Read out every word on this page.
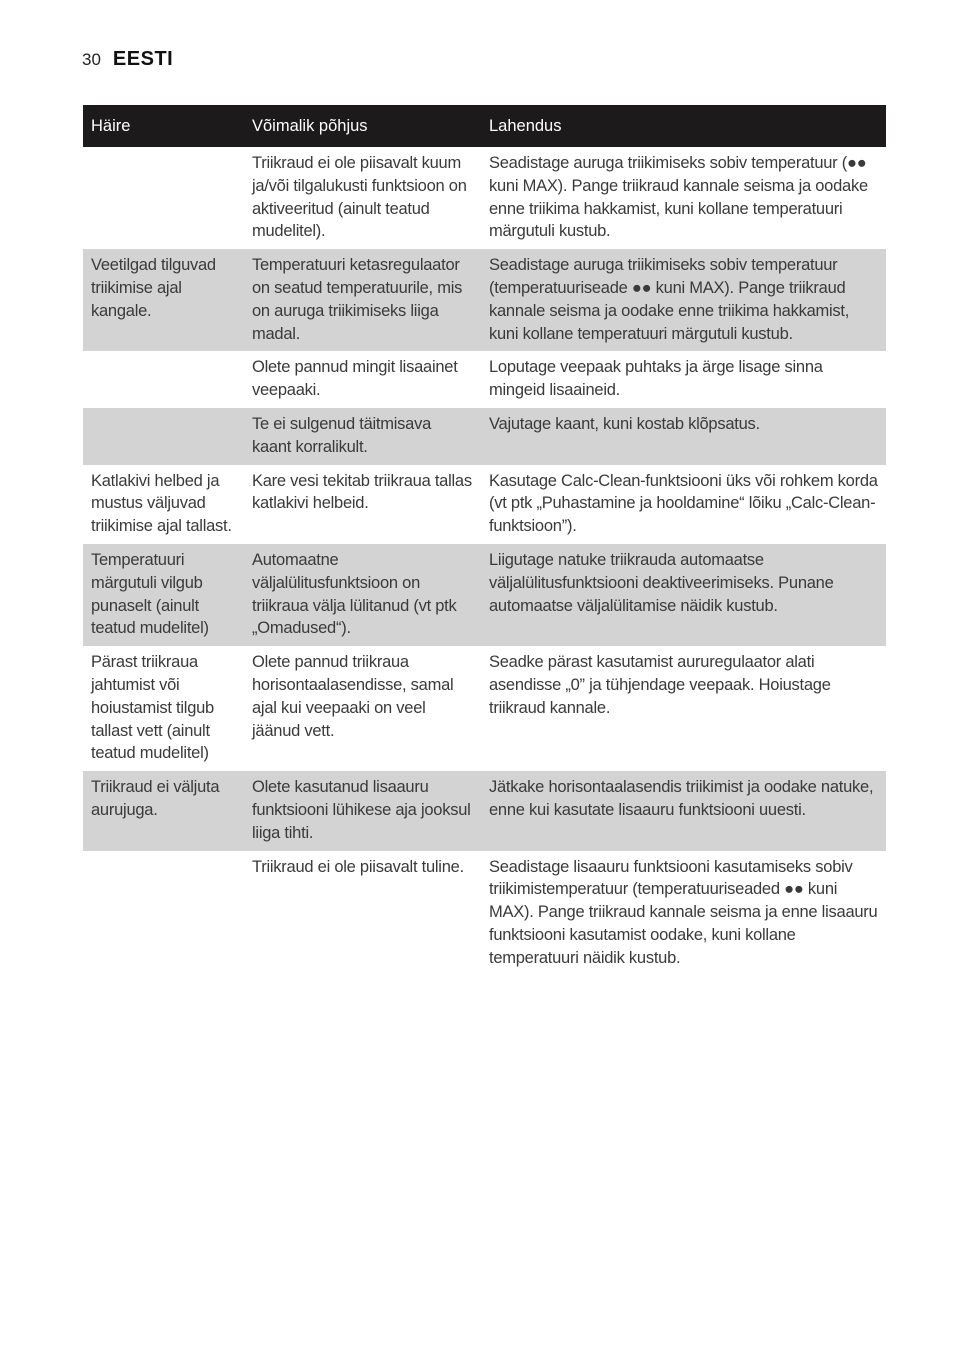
30 EESTI
Häire	Võimalik põhjus	Lahendus
	Triikraud ei ole piisavalt kuum ja/või tilgalukusti funktsioon on aktiveeritud (ainult teatud mudelitel).	Seadistage auruga triikimiseks sobiv temperatuur (●● kuni MAX). Pange triikraud kannale seisma ja oodake enne triikima hakkamist, kuni kollane temperatuuri märgutuli kustub.
Veetilgad tilguvad triikimise ajal kangale.	Temperatuuri ketasregulaator on seatud temperatuurile, mis on auruga triikimiseks liiga madal.	Seadistage auruga triikimiseks sobiv temperatuur (temperatuuriseade ●● kuni MAX). Pange triikraud kannale seisma ja oodake enne triikima hakkamist, kuni kollane temperatuuri märgutuli kustub.
	Olete pannud mingit lisaainet veepaaki.	Loputage veepaak puhtaks ja ärge lisage sinna mingeid lisaaineid.
	Te ei sulgenud täitmisava kaant korralikult.	Vajutage kaant, kuni kostab klõpsatus.
Katlakivi helbed ja mustus väljuvad triikimise ajal tallast.	Kare vesi tekitab triikraua tallas katlakivi helbeid.	Kasutage Calc-Clean-funktsiooni üks või rohkem korda (vt ptk „Puhastamine ja hooldamine“ lõiku „Calc-Clean-funktsioon”).
Temperatuuri märgutuli vilgub punaselt (ainult teatud mudelitel)	Automaatne väljalülitusfunktsioon on triikraua välja lülitanud (vt ptk „Omadused“).	Liigutage natuke triikrauda automaatse väljalülitusfunktsiooni deaktiveerimiseks. Punane automaatse väljalülitamise näidik kustub.
Pärast triikraua jahtumist või hoiustamist tilgub tallast vett (ainult teatud mudelitel)	Olete pannud triikraua horisontaalasendisse, samal ajal kui veepaaki on veel jäänud vett.	Seadke pärast kasutamist aururegulaator alati asendisse „0” ja tühjendage veepaak. Hoiustage triikraud kannale.
Triikraud ei väljuta aurujuga.	Olete kasutanud lisaauru funktsiooni lühikese aja jooksul liiga tihti.	Jätkake horisontaalasendis triikimist ja oodake natuke, enne kui kasutate lisaauru funktsiooni uuesti.
	Triikraud ei ole piisavalt tuline.	Seadistage lisaauru funktsiooni kasutamiseks sobiv triikimistemperatuur (temperatuuriseaded ●● kuni MAX). Pange triikraud kannale seisma ja enne lisaauru funktsiooni kasutamist oodake, kuni kollane temperatuuri näidik kustub.
